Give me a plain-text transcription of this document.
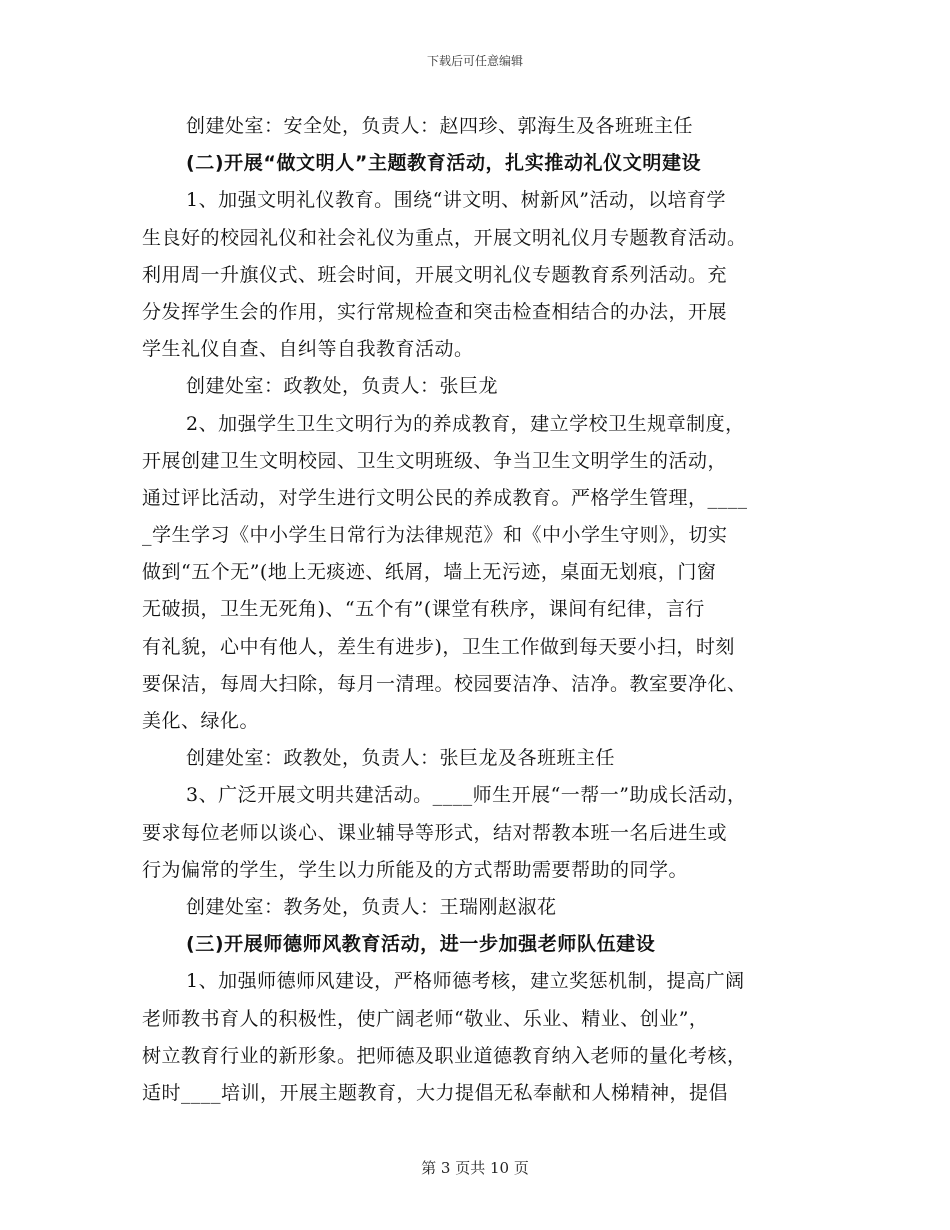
下载后可任意编辑
创建处室：安全处，负责人：赵四珍、郭海生及各班班主任
(二)开展“做文明人”主题教育活动，扎实推动礼仪文明建设
1、加强文明礼仪教育。围绕“讲文明、树新风”活动，以培育学
生良好的校园礼仪和社会礼仪为重点，开展文明礼仪月专题教育活动。
利用周一升旗仪式、班会时间，开展文明礼仪专题教育系列活动。充
分发挥学生会的作用，实行常规检查和突击检查相结合的办法，开展
学生礼仪自查、自纠等自我教育活动。
创建处室：政教处，负责人：张巨龙
2、加强学生卫生文明行为的养成教育，建立学校卫生规章制度，
开展创建卫生文明校园、卫生文明班级、争当卫生文明学生的活动，
通过评比活动，对学生进行文明公民的养成教育。严格学生管理，____
_学生学习《中小学生日常行为法律规范》和《中小学生守则》，切实
做到“五个无”(地上无痰迹、纸屑，墙上无污迹，桌面无划痕，门窗
无破损，卫生无死角)、“五个有”(课堂有秩序，课间有纪律，言行
有礼貌，心中有他人，差生有进步)，卫生工作做到每天要小扫，时刻
要保洁，每周大扫除，每月一清理。校园要洁净、洁净。教室要净化、
美化、绿化。
创建处室：政教处，负责人：张巨龙及各班班主任
3、广泛开展文明共建活动。____师生开展“一帮一”助成长活动，
要求每位老师以谈心、课业辅导等形式，结对帮教本班一名后进生或
行为偏常的学生，学生以力所能及的方式帮助需要帮助的同学。
创建处室：教务处，负责人：王瑞刚赵淑花
(三)开展师德师风教育活动，进一步加强老师队伍建设
1、加强师德师风建设，严格师德考核，建立奖惩机制，提高广阔
老师教书育人的积极性，使广阔老师“敬业、乐业、精业、创业”，
树立教育行业的新形象。把师德及职业道德教育纳入老师的量化考核，
适时____培训，开展主题教育，大力提倡无私奉献和人梯精神，提倡
第 3 页共 10 页
